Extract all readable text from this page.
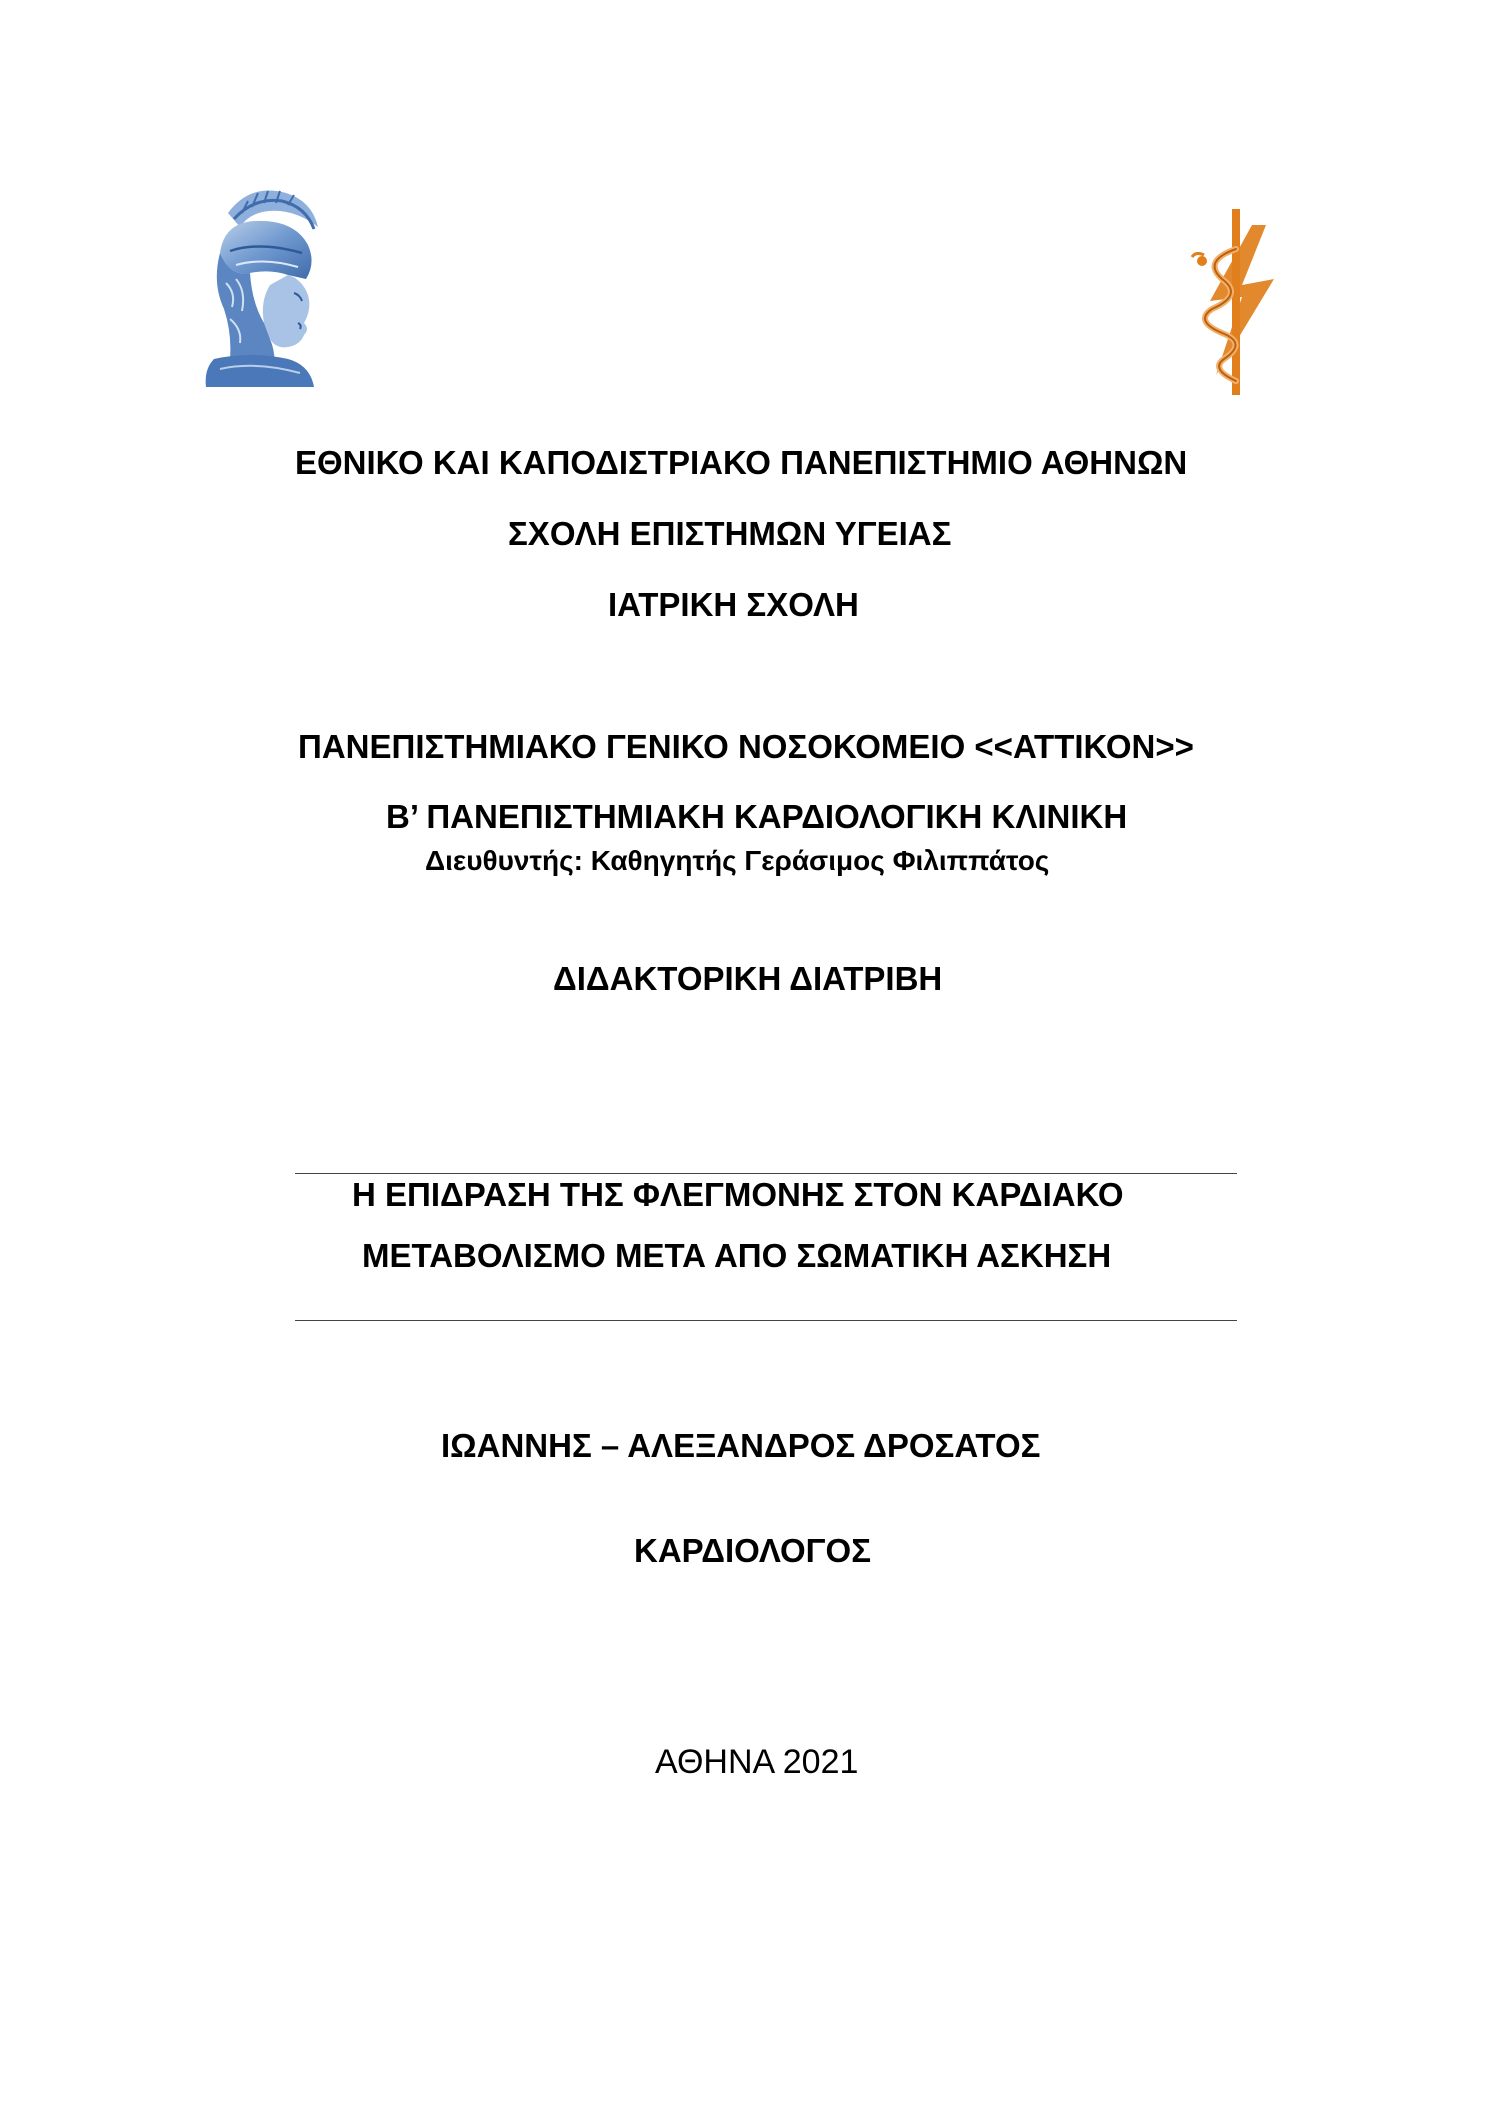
ΕΘΝΙΚΟ ΚΑΙ ΚΑΠΟΔΙΣΤΡΙΑΚΟ ΠΑΝΕΠΙΣΤΗΜΙΟ ΑΘΗΝΩΝ
ΣΧΟΛΗ ΕΠΙΣΤΗΜΩΝ ΥΓΕΙΑΣ
ΙΑΤΡΙΚΗ ΣΧΟΛΗ
ΠΑΝΕΠΙΣΤΗΜΙΑΚΟ ΓΕΝΙΚΟ ΝΟΣΟΚΟΜΕΙΟ <<ΑΤΤΙΚΟΝ>>
Β’ ΠΑΝΕΠΙΣΤΗΜΙΑΚΗ ΚΑΡΔΙΟΛΟΓΙΚΗ ΚΛΙΝΙΚΗ
Διευθυντής: Καθηγητής Γεράσιμος Φιλιππάτος
ΔΙΔΑΚΤΟΡΙΚΗ ΔΙΑΤΡΙΒΗ
Η ΕΠΙΔΡΑΣΗ ΤΗΣ ΦΛΕΓΜΟΝΗΣ ΣΤΟΝ ΚΑΡΔΙΑΚΟ
ΜΕΤΑΒΟΛΙΣΜΟ ΜΕΤΑ ΑΠΟ ΣΩΜΑΤΙΚΗ ΑΣΚΗΣΗ
ΙΩΑΝΝΗΣ – ΑΛΕΞΑΝΔΡΟΣ ΔΡΟΣΑΤΟΣ
ΚΑΡΔΙΟΛΟΓΟΣ
ΑΘΗΝΑ 2021
